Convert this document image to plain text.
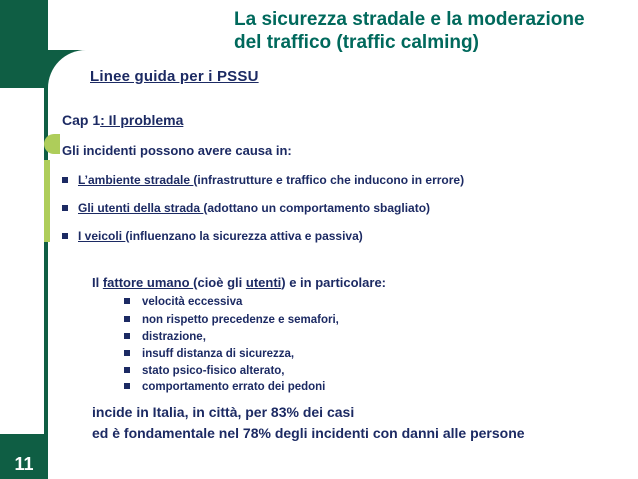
La sicurezza stradale e la moderazione
del traffico (traffic calming)
Linee guida per i PSSU
Cap 1: Il problema
Gli incidenti possono avere causa in:
L’ambiente stradale (infrastrutture e traffico che inducono in errore)
Gli utenti della strada (adottano un comportamento sbagliato)
I veicoli (influenzano la sicurezza attiva e passiva)
Il fattore umano (cioè gli utenti) e in particolare:
velocità eccessiva
non rispetto precedenze e semafori,
distrazione,
insuff distanza di sicurezza,
stato psico-fisico alterato,
comportamento errato dei pedoni
incide in Italia, in città, per 83% dei casi
ed è fondamentale nel 78% degli incidenti con danni alle persone
11
